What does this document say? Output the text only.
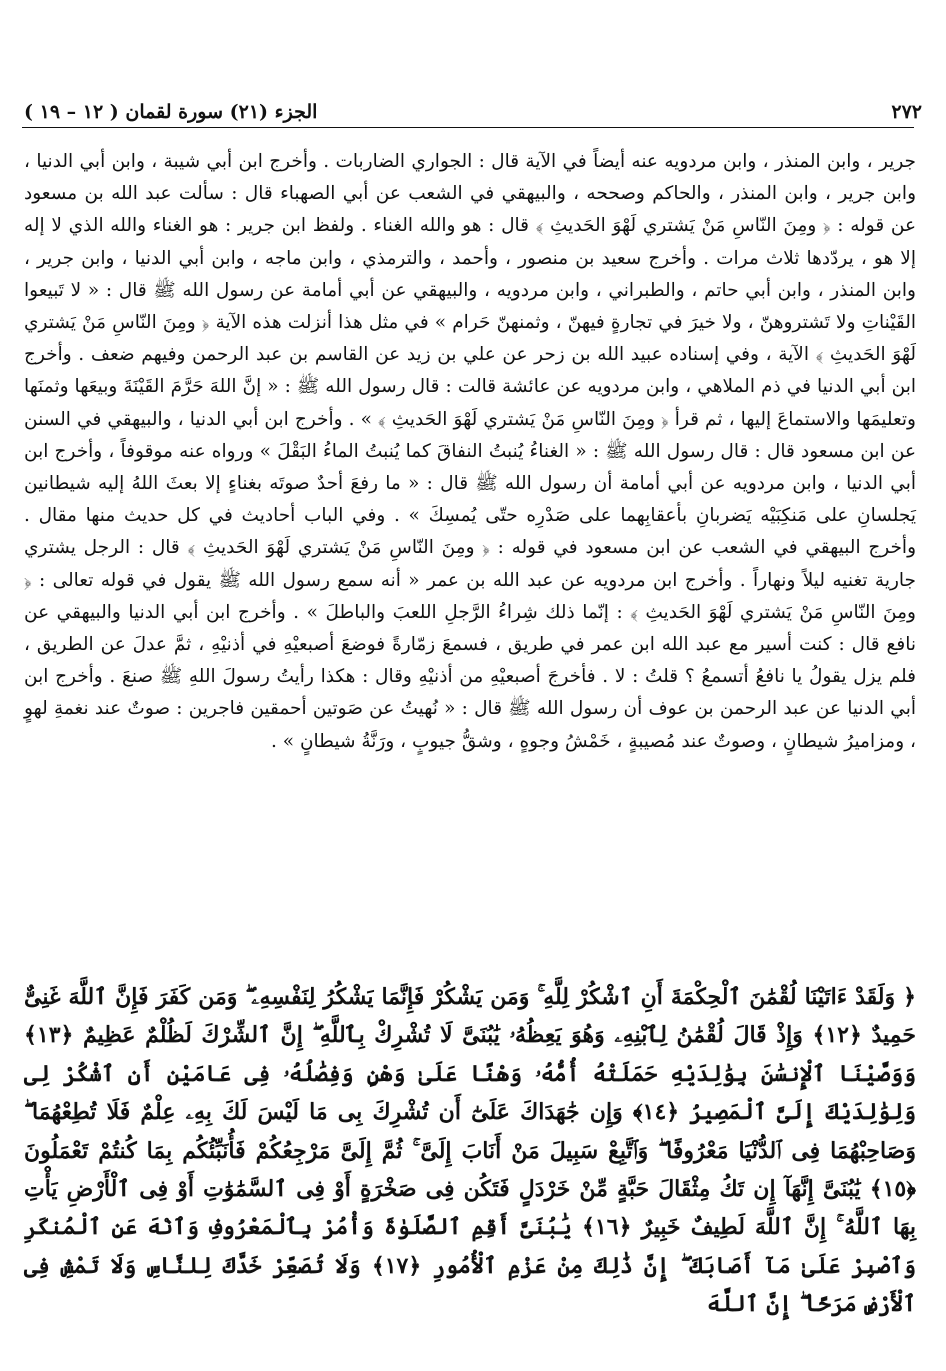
٢٧٢
الجزء (٢١) سورة لقمان ( ١٢ – ١٩ )

جرير ، وابن المنذر ، وابن مردويه عنه أيضاً في الآية قال : الجواري الضاربات . وأخرج ابن أبي شيبة ، وابن أبي الدنيا ، وابن جرير ، وابن المنذر ، والحاكم وصححه ، والبيهقي في الشعب عن أبي الصهباء قال : سألت عبد الله بن مسعود عن قوله : ﴿ ومِنَ النّاسِ مَنْ يَشتري لَهْوَ الحَديثِ ﴾ قال : هو والله الغناء . ولفظ ابن جرير : هو الغناء والله الذي لا إله إلا هو ، يردّدها ثلاث مرات . وأخرج سعيد بن منصور ، وأحمد ، والترمذي ، وابن ماجه ، وابن أبي الدنيا ، وابن جرير ، وابن المنذر ، وابن أبي حاتم ، والطبراني ، وابن مردويه ، والبيهقي عن أبي أمامة عن رسول الله ﷺ قال : « لا تَبيعوا القَيْناتِ ولا تَشتروهنّ ، ولا خيرَ في تجارةٍ فيهنّ ، وثمنهنّ حَرام » في مثل هذا أنزلت هذه الآية ﴿ ومِنَ النّاسِ مَنْ يَشتري لَهْوَ الحَديثِ ﴾ الآية ، وفي إسناده عبيد الله بن زحر عن علي بن زيد عن القاسم بن عبد الرحمن وفيهم ضعف . وأخرج ابن أبي الدنيا في ذم الملاهي ، وابن مردويه عن عائشة قالت : قال رسول الله ﷺ : « إنَّ اللهَ حَرَّمَ القَيْنَةَ وبيعَها وثمنَها وتعليمَها والاستماعَ إليها ، ثم قرأ ﴿ ومِنَ النّاسِ مَنْ يَشتري لَهْوَ الحَديثِ ﴾ » . وأخرج ابن أبي الدنيا ، والبيهقي في السنن عن ابن مسعود قال : قال رسول الله ﷺ : « الغناءُ يُنبتُ النفاقَ كما يُنبتُ الماءُ البَقْلَ » ورواه عنه موقوفاً ، وأخرج ابن أبي الدنيا ، وابن مردويه عن أبي أمامة أن رسول الله ﷺ قال : « ما رفعَ أحدٌ صوتَه بغناءٍ إلا بعثَ اللهُ إليه شيطانين يَجلسانِ على مَنكِبَيْه يَضربانِ بأعقابِهما على صَدْرِه حتّى يُمسِكَ » . وفي الباب أحاديث في كل حديث منها مقال . وأخرج البيهقي في الشعب عن ابن مسعود في قوله : ﴿ ومِنَ النّاسِ مَنْ يَشتري لَهْوَ الحَديثِ ﴾ قال : الرجل يشتري جارية تغنيه ليلاً ونهاراً . وأخرج ابن مردويه عن عبد الله بن عمر « أنه سمع رسول الله ﷺ يقول في قوله تعالى : ﴿ ومِنَ النّاسِ مَنْ يَشتري لَهْوَ الحَديثِ ﴾ : إنّما ذلك شِراءُ الرَّجلِ اللعبَ والباطلَ » . وأخرج ابن أبي الدنيا والبيهقي عن نافع قال : كنت أسير مع عبد الله ابن عمر في طريق ، فسمعَ زمّارةً فوضعَ أصبعيْهِ في أذنيْهِ ، ثمَّ عدلَ عن الطريق ، فلم يزل يقولُ يا نافعُ أتسمعُ ؟ قلتُ : لا . فأخرجَ أصبعيْهِ من أذنيْهِ وقال : هكذا رأيتُ رسولَ اللهِ ﷺ صنعَ . وأخرج ابن أبي الدنيا عن عبد الرحمن بن عوف أن رسول الله ﷺ قال : « نُهيتُ عن صَوتين أحمقين فاجرين : صوتٌ عند نغمةِ لهوٍ ، ومزاميرُ شيطانٍ ، وصوتٌ عند مُصيبةٍ ، خَمْشُ وجوهٍ ، وشقُّ جيوبٍ ، ورَنَّةُ شيطانٍ » .

﴿ وَلَقَدْ ءَاتَيْنَا لُقْمَٰنَ ٱلْحِكْمَةَ أَنِ ٱشْكُرْ لِلَّهِ ۚ وَمَن يَشْكُرْ فَإِنَّمَا يَشْكُرُ لِنَفْسِهِۦ ۖ وَمَن كَفَرَ فَإِنَّ ٱللَّهَ غَنِىٌّ حَمِيدٌ ﴿١٢﴾ وَإِذْ قَالَ لُقْمَٰنُ لِٱبْنِهِۦ وَهُوَ يَعِظُهُۥ يَٰبُنَىَّ لَا تُشْرِكْ بِٱللَّهِ ۖ إِنَّ ٱلشِّرْكَ لَظُلْمٌ عَظِيمٌ ﴿١٣﴾ وَوَصَّيْنَا ٱلْإِنسَٰنَ بِوَٰلِدَيْهِ حَمَلَتْهُ أُمُّهُۥ وَهْنًا عَلَىٰ وَهْنٍ وَفِصَٰلُهُۥ فِى عَامَيْنِ أَنِ ٱشْكُرْ لِى وَلِوَٰلِدَيْكَ إِلَىَّ ٱلْمَصِيرُ ﴿١٤﴾ وَإِن جَٰهَدَاكَ عَلَىٰٓ أَن تُشْرِكَ بِى مَا لَيْسَ لَكَ بِهِۦ عِلْمٌ فَلَا تُطِعْهُمَا ۖ وَصَاحِبْهُمَا فِى ٱلدُّنْيَا مَعْرُوفًا ۖ وَٱتَّبِعْ سَبِيلَ مَنْ أَنَابَ إِلَىَّ ۚ ثُمَّ إِلَىَّ مَرْجِعُكُمْ فَأُنَبِّئُكُم بِمَا كُنتُمْ تَعْمَلُونَ ﴿١٥﴾ يَٰبُنَىَّ إِنَّهَآ إِن تَكُ مِثْقَالَ حَبَّةٍ مِّنْ خَرْدَلٍ فَتَكُن فِى صَخْرَةٍ أَوْ فِى ٱلسَّمَٰوَٰتِ أَوْ فِى ٱلْأَرْضِ يَأْتِ بِهَا ٱللَّهُ ۚ إِنَّ ٱللَّهَ لَطِيفٌ خَبِيرٌ ﴿١٦﴾ يَٰبُنَىَّ أَقِمِ ٱلصَّلَوٰةَ وَأْمُرْ بِٱلْمَعْرُوفِ وَٱنْهَ عَنِ ٱلْمُنكَرِ وَٱصْبِرْ عَلَىٰ مَآ أَصَابَكَ ۖ إِنَّ ذَٰلِكَ مِنْ عَزْمِ ٱلْأُمُورِ ﴿١٧﴾ وَلَا تُصَعِّرْ خَدَّكَ لِلنَّاسِ وَلَا تَمْشِ فِى ٱلْأَرْضِ مَرَحًا ۖ إِنَّ ٱللَّهَ
